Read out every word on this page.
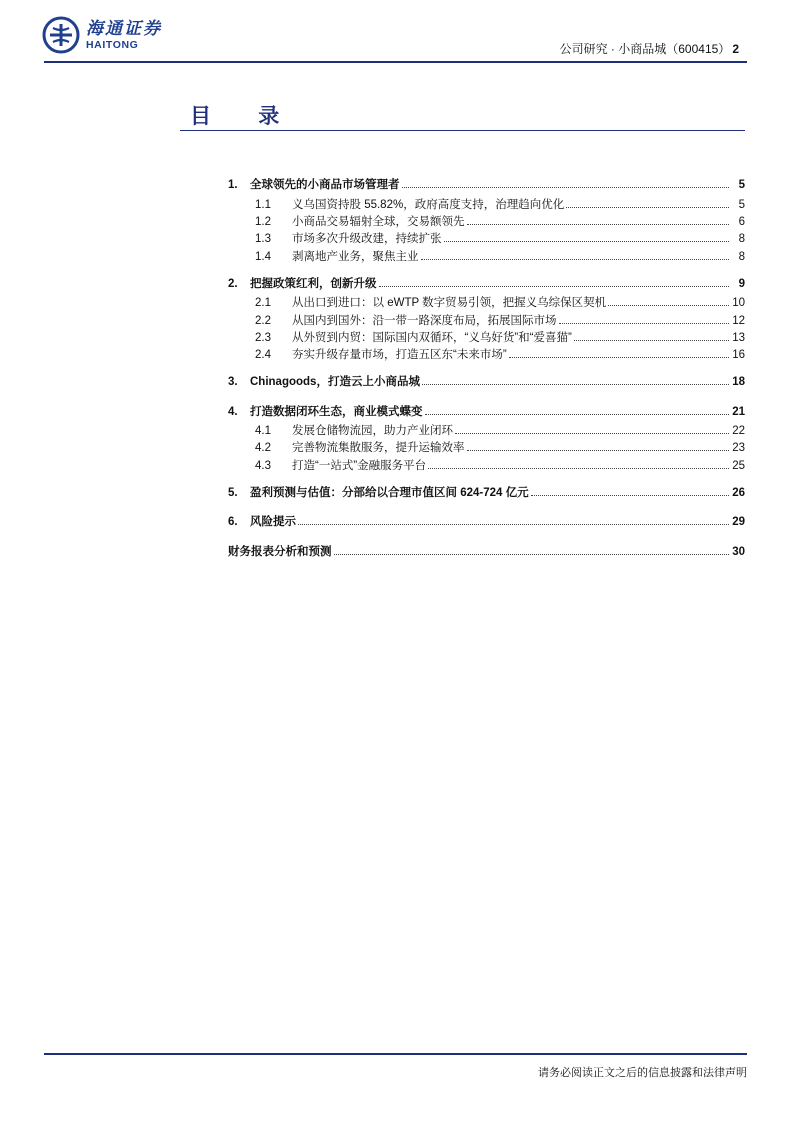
海通证券
HAITONG	公司研究 · 小商品城（600415） 2
目 录
1.	全球领先的小商品市场管理者	5
1.1	义乌国资持股 55.82%，政府高度支持，治理趋向优化	5
1.2	小商品交易辐射全球，交易额领先	6
1.3	市场多次升级改建，持续扩张	8
1.4	剥离地产业务，聚焦主业	8
2.	把握政策红利，创新升级	9
2.1	从出口到进口：以 eWTP 数字贸易引领，把握义乌综保区契机	10
2.2	从国内到国外：沿一带一路深度布局，拓展国际市场	12
2.3	从外贸到内贸：国际国内双循环，“义乌好货”和“爱喜猫”	13
2.4	夯实升级存量市场，打造五区东“未来市场”	16
3.	Chinagoods，打造云上小商品城	18
4.	打造数据闭环生态，商业模式蝶变	21
4.1	发展仓储物流园，助力产业闭环	22
4.2	完善物流集散服务，提升运输效率	23
4.3	打造“一站式”金融服务平台	25
5.	盈利预测与估值：分部给以合理市值区间 624-724 亿元	26
6.	风险提示	29
财务报表分析和预测	30
请务必阅读正文之后的信息披露和法律声明
